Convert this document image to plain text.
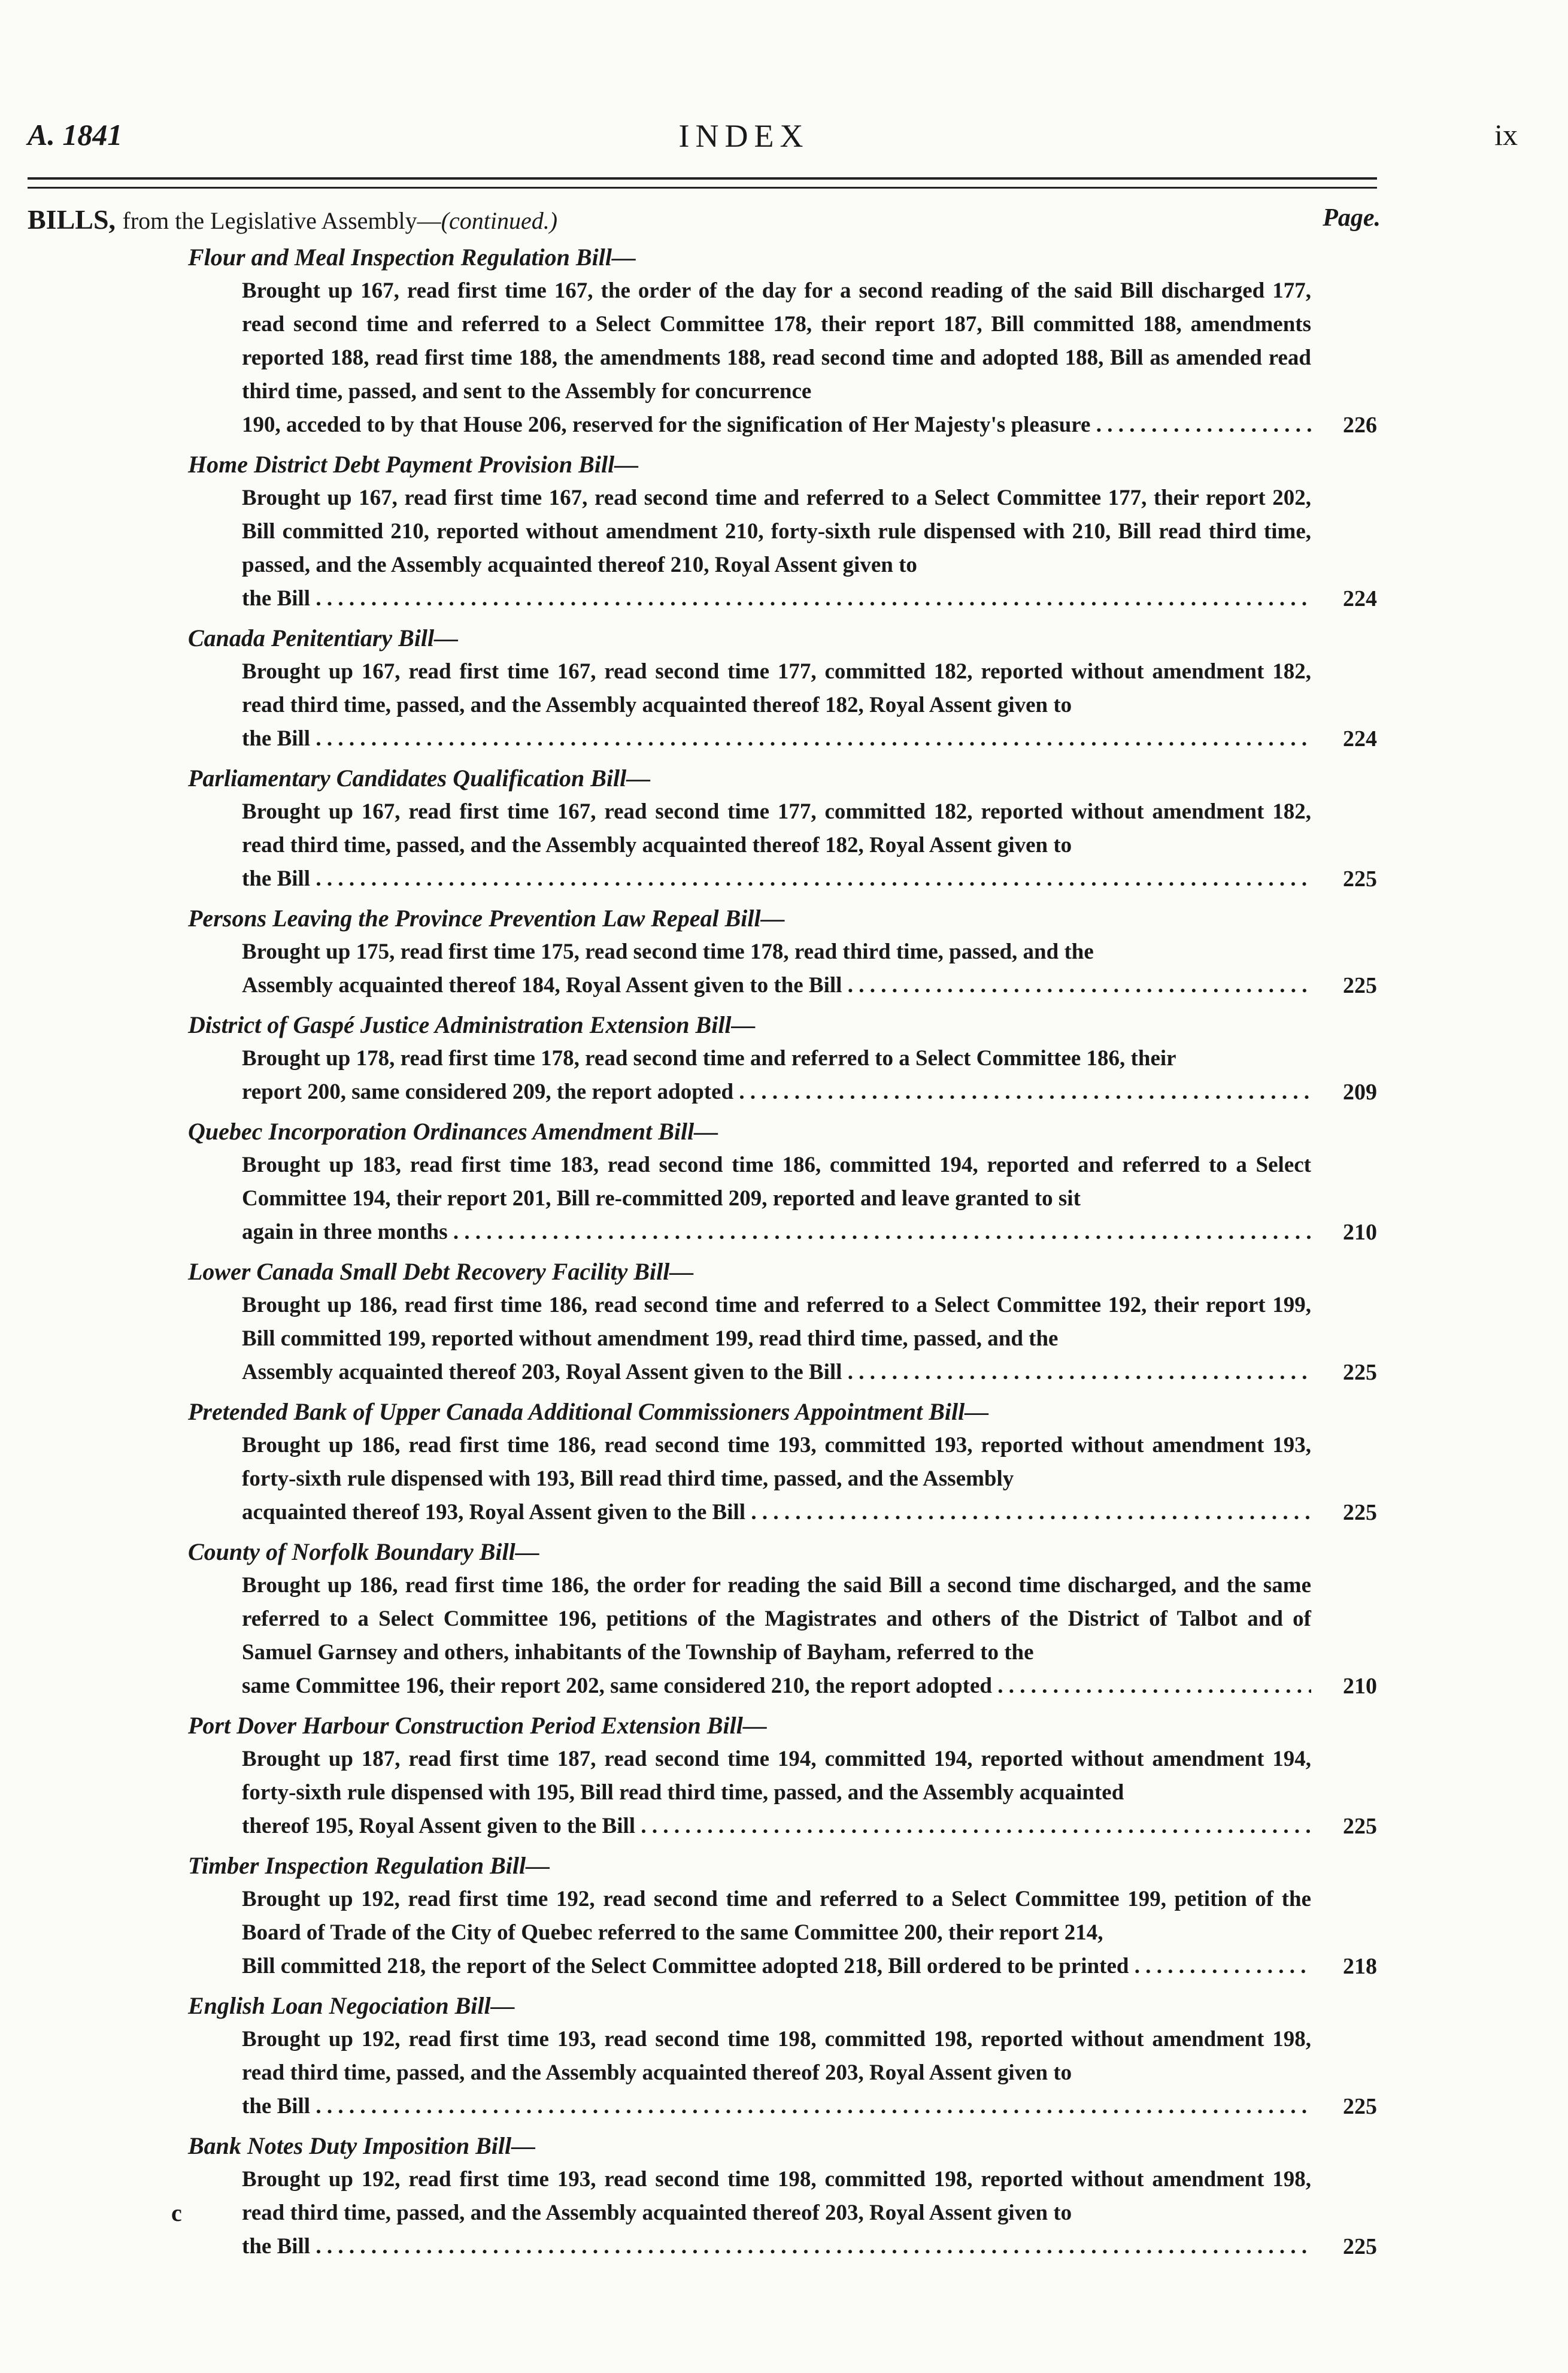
A. 1841	INDEX	ix
BILLS, from the Legislative Assembly—(continued.)	Page.
Flour and Meal Inspection Regulation Bill—
Brought up 167, read first time 167, the order of the day for a second reading of the said Bill discharged 177, read second time and referred to a Select Committee 178, their report 187, Bill committed 188, amendments reported 188, read first time 188, the amendments 188, read second time and adopted 188, Bill as amended read third time, passed, and sent to the Assembly for concurrence
190, acceded to by that House 206, reserved for the signification of Her Majesty's pleasure . . .	226
Home District Debt Payment Provision Bill—
Brought up 167, read first time 167, read second time and referred to a Select Committee 177, their report 202, Bill committed 210, reported without amendment 210, forty-sixth rule dispensed with 210, Bill read third time, passed, and the Assembly acquainted thereof 210, Royal Assent given to
the Bill . . .	224
Canada Penitentiary Bill—
Brought up 167, read first time 167, read second time 177, committed 182, reported without amendment 182, read third time, passed, and the Assembly acquainted thereof 182, Royal Assent given to
the Bill . . .	224
Parliamentary Candidates Qualification Bill—
Brought up 167, read first time 167, read second time 177, committed 182, reported without amendment 182, read third time, passed, and the Assembly acquainted thereof 182, Royal Assent given to
the Bill . . .	225
Persons Leaving the Province Prevention Law Repeal Bill—
Brought up 175, read first time 175, read second time 178, read third time, passed, and the
Assembly acquainted thereof 184, Royal Assent given to the Bill . . .	225
District of Gaspé Justice Administration Extension Bill—
Brought up 178, read first time 178, read second time and referred to a Select Committee 186, their
report 200, same considered 209, the report adopted . . .	209
Quebec Incorporation Ordinances Amendment Bill—
Brought up 183, read first time 183, read second time 186, committed 194, reported and referred to a Select Committee 194, their report 201, Bill re-committed 209, reported and leave granted to sit
again in three months . . .	210
Lower Canada Small Debt Recovery Facility Bill—
Brought up 186, read first time 186, read second time and referred to a Select Committee 192, their report 199, Bill committed 199, reported without amendment 199, read third time, passed, and the
Assembly acquainted thereof 203, Royal Assent given to the Bill . . .	225
Pretended Bank of Upper Canada Additional Commissioners Appointment Bill—
Brought up 186, read first time 186, read second time 193, committed 193, reported without amendment 193, forty-sixth rule dispensed with 193, Bill read third time, passed, and the Assembly
acquainted thereof 193, Royal Assent given to the Bill . . .	225
County of Norfolk Boundary Bill—
Brought up 186, read first time 186, the order for reading the said Bill a second time discharged, and the same referred to a Select Committee 196, petitions of the Magistrates and others of the District of Talbot and of Samuel Garnsey and others, inhabitants of the Township of Bayham, referred to the
same Committee 196, their report 202, same considered 210, the report adopted . . .	210
Port Dover Harbour Construction Period Extension Bill—
Brought up 187, read first time 187, read second time 194, committed 194, reported without amendment 194, forty-sixth rule dispensed with 195, Bill read third time, passed, and the Assembly acquainted
thereof 195, Royal Assent given to the Bill . . .	225
Timber Inspection Regulation Bill—
Brought up 192, read first time 192, read second time and referred to a Select Committee 199, petition of the Board of Trade of the City of Quebec referred to the same Committee 200, their report 214,
Bill committed 218, the report of the Select Committee adopted 218, Bill ordered to be printed . . .	218
English Loan Negociation Bill—
Brought up 192, read first time 193, read second time 198, committed 198, reported without amendment 198, read third time, passed, and the Assembly acquainted thereof 203, Royal Assent given to
the Bill . . .	225
Bank Notes Duty Imposition Bill—
Brought up 192, read first time 193, read second time 198, committed 198, reported without amendment 198, read third time, passed, and the Assembly acquainted thereof 203, Royal Assent given to
the Bill . . .	225
c
